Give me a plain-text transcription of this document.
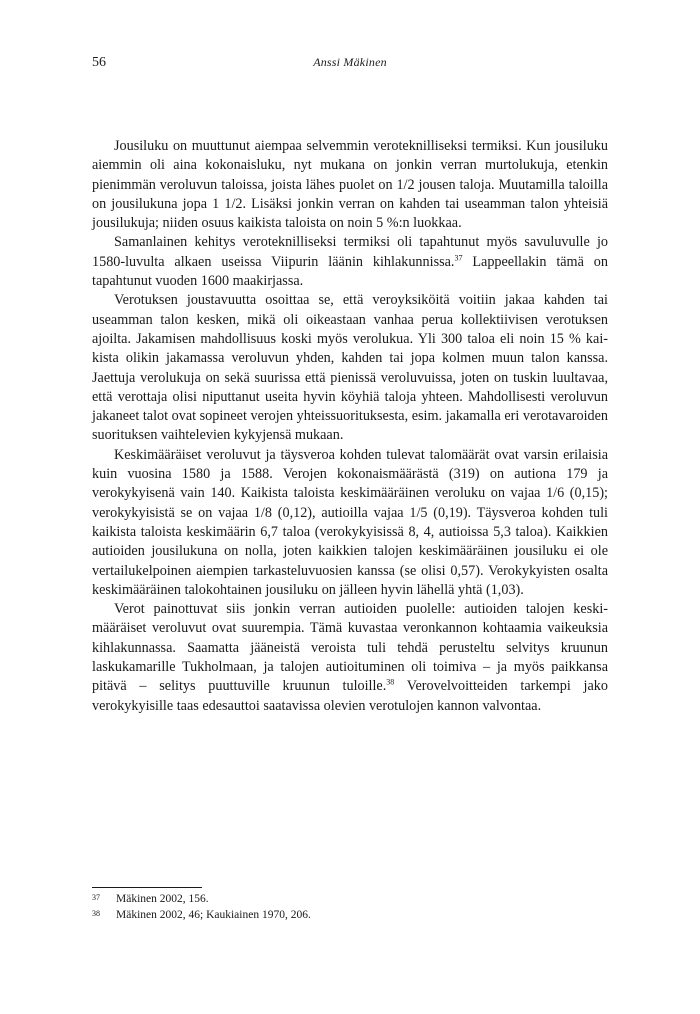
56	Anssi Mäkinen

Jousiluku on muuttunut aiempaa selvemmin veroteknilliseksi termiksi. Kun jousiluku aiemmin oli aina kokonaisluku, nyt mukana on jonkin verran murtolukuja, etenkin pienimmän veroluvun taloissa, joista lähes puolet on 1/2 jousen taloja. Muutamilla taloilla on jousilukuna jopa 1 1/2. Lisäksi jonkin verran on kahden tai useamman talon yhteisiä jousilukuja; niiden osuus kaikista taloista on noin 5 %:n luokkaa.

Samanlainen kehitys veroteknilliseksi termiksi oli tapahtunut myös savuluvulle jo 1580-luvulta alkaen useissa Viipurin läänin kihlakunnissa.$^{37}$ Lappeellakin tämä on tapahtunut vuoden 1600 maakirjassa.

Verotuksen joustavuutta osoittaa se, että veroyksiköitä voitiin jakaa kahden tai useamman talon kesken, mikä oli oikeastaan vanhaa perua kollektiivisen verotuksen ajoilta. Jakamisen mahdollisuus koski myös verolukua. Yli 300 taloa eli noin 15 % kaikista olikin jakamassa veroluvun yhden, kahden tai jopa kolmen muun talon kanssa. Jaettuja verolukuja on sekä suurissa että pienissä veroluvuissa, joten on tuskin luultavaa, että verottaja olisi niputtanut useita hyvin köyhiä taloja yhteen. Mahdollisesti veroluvun jakaneet talot ovat sopineet verojen yhteissuorituksesta, esim. jakamalla eri verotavaroiden suorituksen vaihtelevien kykyjensä mukaan.

Keskimääräiset veroluvut ja täysveroa kohden tulevat talomäärät ovat varsin erilaisia kuin vuosina 1580 ja 1588. Verojen kokonaismäärästä (319) on autiona 179 ja verokykyisenä vain 140. Kaikista taloista keskimääräinen veroluku on vajaa 1/6 (0,15); verokykyisistä se on vajaa 1/8 (0,12), autioilla vajaa 1/5 (0,19). Täysveroa kohden tuli kaikista taloista keskimäärin 6,7 taloa (verokykyisissä 8, 4, autioissa 5,3 taloa). Kaikkien autioiden jousilukuna on nolla, joten kaikkien talojen keskimääräinen jousiluku ei ole vertailukelpoinen aiempien tarkasteluvuosien kanssa (se olisi 0,57). Verokykyisten osalta keskimääräinen talokohtainen jousiluku on jälleen hyvin lähellä yhtä (1,03).

Verot painottuvat siis jonkin verran autioiden puolelle: autioiden talojen keskimääräiset veroluvut ovat suurempia. Tämä kuvastaa veronkannon kohtaamia vaikeuksia kihlakunnassa. Saamatta jääneistä veroista tuli tehdä perusteltu selvitys kruunun laskukamarille Tukholmaan, ja talojen autioituminen oli toimiva – ja myös paikkansa pitävä – selitys puuttuville kruunun tuloille.$^{38}$ Verovelvoitteiden tarkempi jako verokykyisille taas edesauttoi saatavissa olevien verotulojen kannon valvontaa.

37 Mäkinen 2002, 156.
38 Mäkinen 2002, 46; Kaukiainen 1970, 206.
